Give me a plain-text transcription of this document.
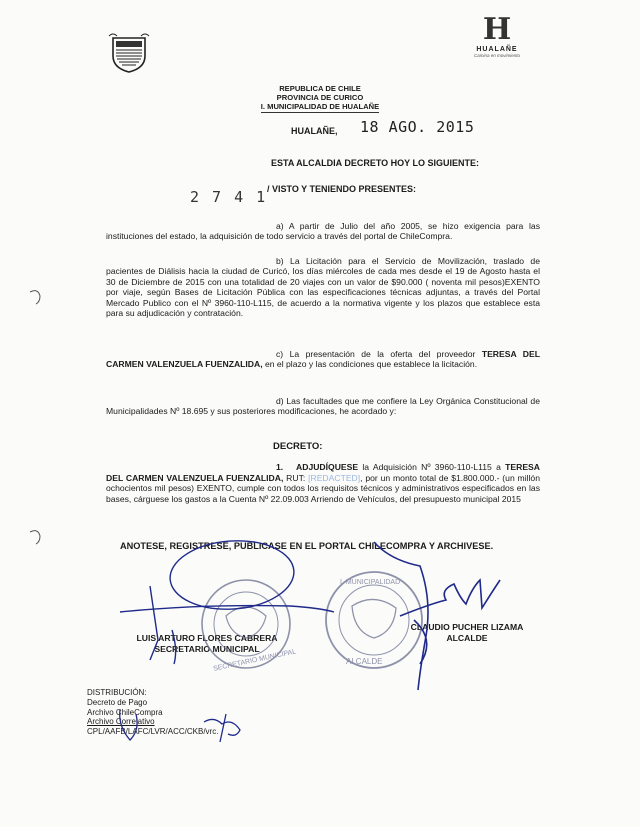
H
HUALAÑE
Camina en movimiento
REPUBLICA DE CHILE
PROVINCIA DE CURICO
I. MUNICIPALIDAD DE HUALAÑE
HUALAÑE, 18 AGO. 2015
ESTA ALCALDIA DECRETO HOY LO SIGUIENTE:
2 7 4 1 / VISTO Y TENIENDO PRESENTES:
a) A partir de Julio del año 2005, se hizo exigencia para las instituciones del estado, la adquisición de todo servicio a través del portal de ChileCompra.
b) La Licitación para el Servicio de Movilización, traslado de pacientes de Diálisis hacia la ciudad de Curicó, los días miércoles de cada mes desde el 19 de Agosto hasta el 30 de Diciembre de 2015 con una totalidad de 20 viajes con un valor de $90.000 ( noventa mil pesos)EXENTO por viaje, según Bases de Licitación Pública con las especificaciones técnicas adjuntas, a través del Portal Mercado Publico con el Nº 3960-110-L115, de acuerdo a la normativa vigente y los plazos que establece esta para su adjudicación y contratación.
c) La presentación de la oferta del proveedor TERESA DEL CARMEN VALENZUELA FUENZALIDA, en el plazo y las condiciones que establece la licitación.
d) Las facultades que me confiere la Ley Orgánica Constitucional de Municipalidades Nº 18.695 y sus posteriores modificaciones, he acordado y:
DECRETO:
1. ADJUDÍQUESE la Adquisición Nº 3960-110-L115 a TERESA DEL CARMEN VALENZUELA FUENZALIDA, RUT: [REDACTED], por un monto total de $1.800.000.- (un millón ochocientos mil pesos) EXENTO, cumple con todos los requisitos técnicos y administrativos especificados en las bases, cárguese los gastos a la Cuenta Nº 22.09.003 Arriendo de Vehículos, del presupuesto municipal 2015
ANOTESE, REGISTRESE, PUBLICASE EN EL PORTAL CHILECOMPRA Y ARCHIVESE.
LUIS ARTURO FLORES CABRERA
SECRETARIO MUNICIPAL
CLAUDIO PUCHER LIZAMA
ALCALDE
DISTRIBUCIÓN:
Decreto de Pago
Archivo ChileCompra
Archivo Correlativo
CPL/AAFB/LAFC/LVR/ACC/CKB/vrc.
SECRETARIO MUNICIPAL
I. MUNICIPALIDAD
ALCALDE
